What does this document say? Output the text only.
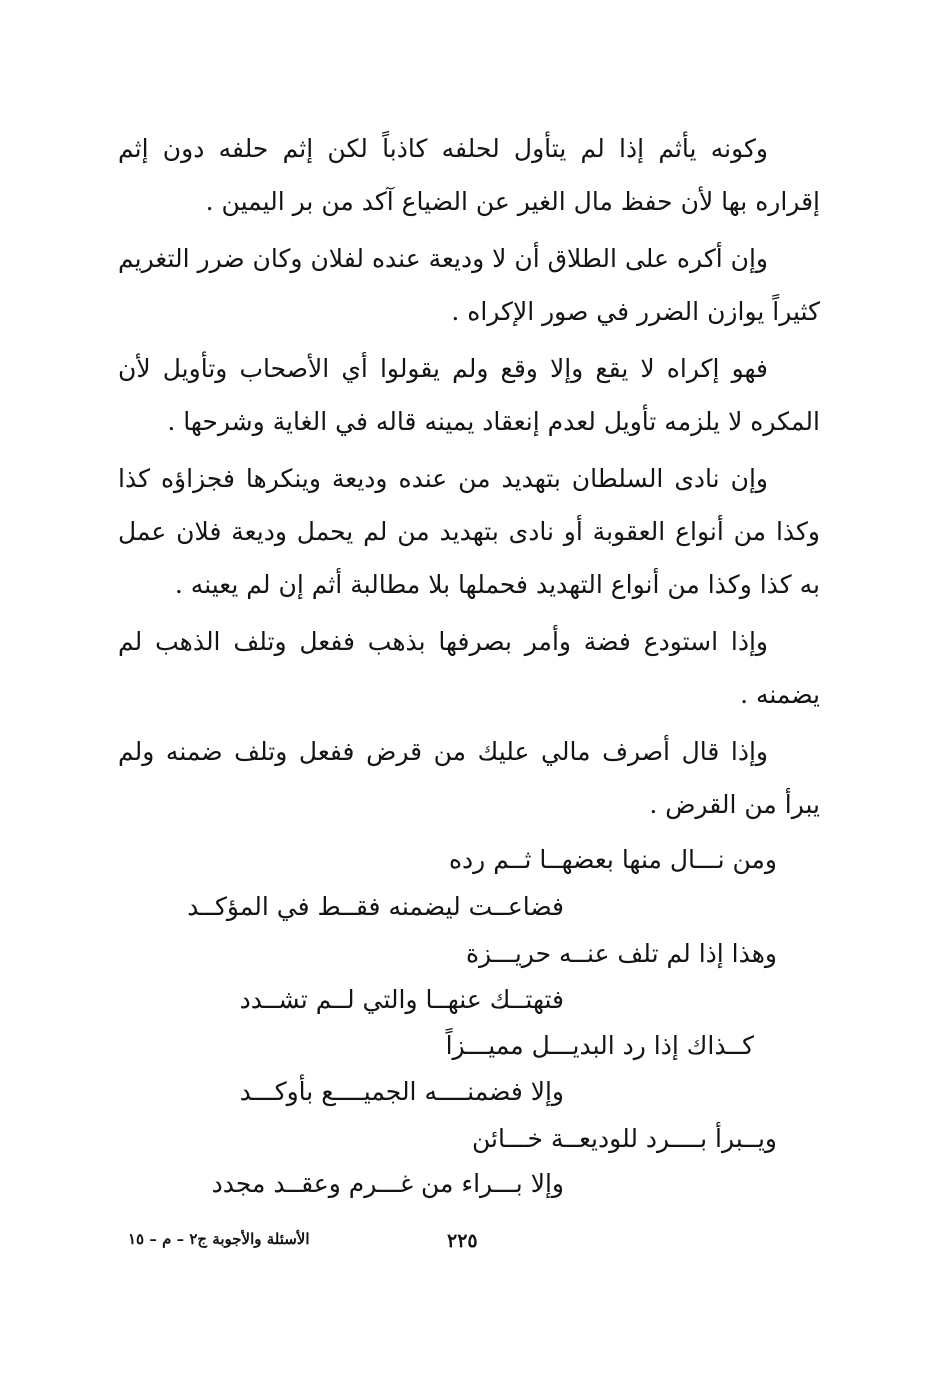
وكونه يأثم إذا لم يتأول لحلفه كاذباً لكن إثم حلفه دون إثم إقراره بها لأن حفظ مال الغير عن الضياع آكد من بر اليمين .

وإن أكره على الطلاق أن لا وديعة عنده لفلان وكان ضرر التغريم كثيراً يوازن الضرر في صور الإكراه .

فهو إكراه لا يقع وإلا وقع ولم يقولوا أي الأصحاب وتأويل لأن المكره لا يلزمه تأويل لعدم إنعقاد يمينه قاله في الغاية وشرحها .

وإن نادى السلطان بتهديد من عنده وديعة وينكرها فجزاؤه كذا وكذا من أنواع العقوبة أو نادى بتهديد من لم يحمل وديعة فلان عمل به كذا وكذا من أنواع التهديد فحملها بلا مطالبة أثم إن لم يعينه .

وإذا استودع فضة وأمر بصرفها بذهب ففعل وتلف الذهب لم يضمنه .

وإذا قال أصرف مالي عليك من قرض ففعل وتلف ضمنه ولم يبرأ من القرض .

ومن نـــال منها بعضهــا ثــم رده
فضاعــت ليضمنه فقــط في المؤكــد
وهذا إذا لم تلف عنــه حريـــزة
فتهتــك عنهــا والتي لــم تشــدد
كــذاك إذا رد البديـــل مميـــزاً
وإلا فضمنــــه الجميــــع بأوكـــد
ويــبرأ بــــرد للوديعــة خـــائن
وإلا بـــراء من غـــرم وعقــد مجدد
الأسئلة والأجوبة ج٢ – م – ١٥	٢٢٥
